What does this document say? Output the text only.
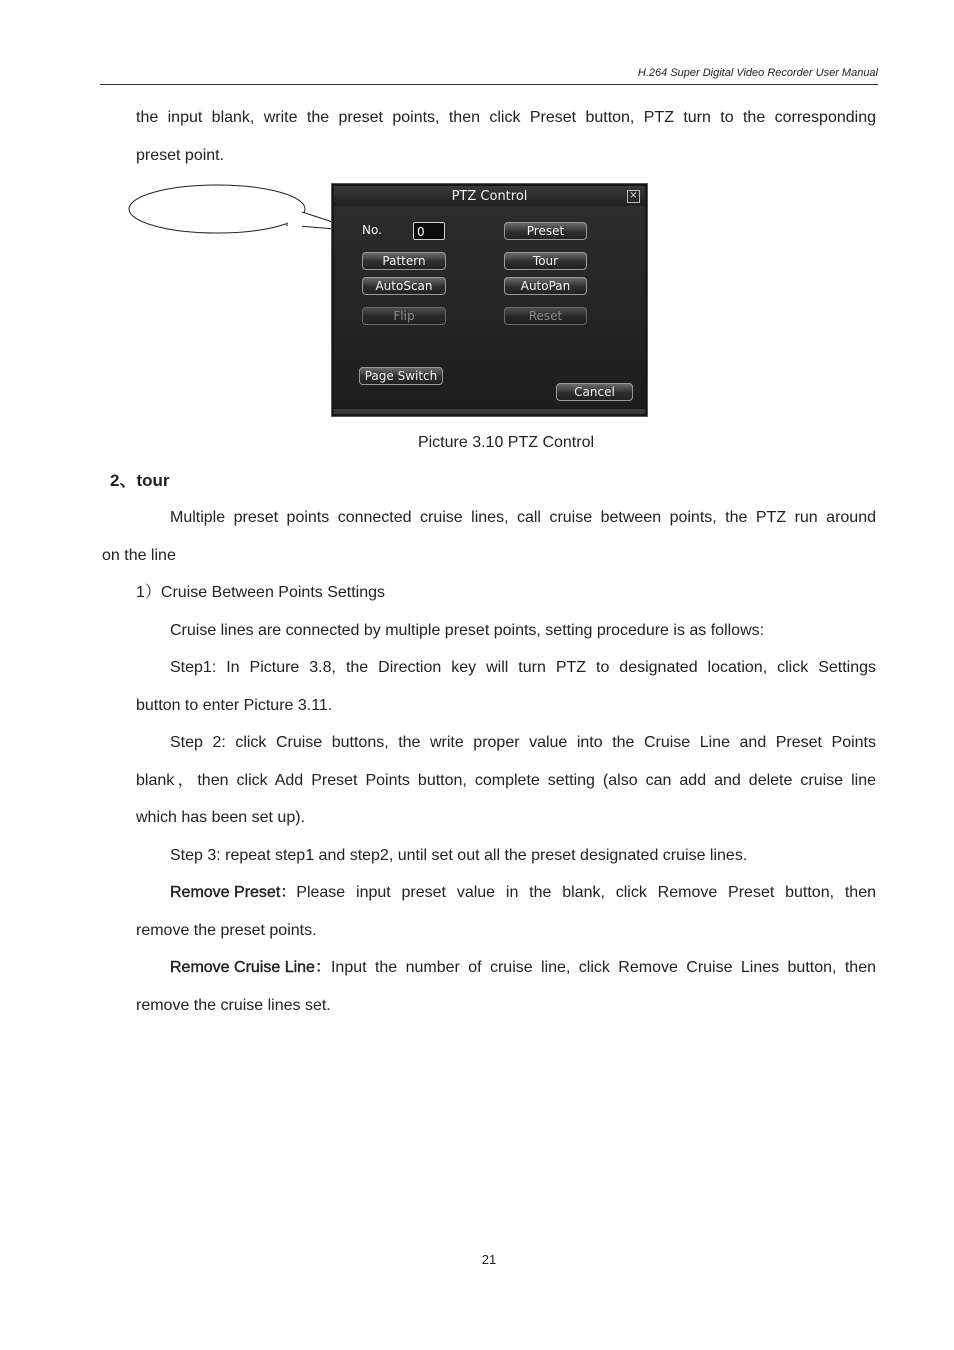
H.264 Super Digital Video Recorder User Manual

the input blank, write the preset points, then click Preset button, PTZ turn to the corresponding

preset point.

PTZ Control	×
No.	0	Preset
Pattern	Tour
AutoScan	AutoPan
Flip	Reset
Page Switch
Cancel
Picture 3.10 PTZ Control
2、tour

Multiple preset points connected cruise lines, call cruise between points, the PTZ run around

on the line

1）Cruise Between Points Settings

Cruise lines are connected by multiple preset points, setting procedure is as follows:

Step1: In Picture 3.8, the Direction key will turn PTZ to designated location, click Settings

button to enter Picture 3.11.

Step 2: click Cruise buttons, the write proper value into the Cruise Line and Preset Points

blank，then click Add Preset Points button, complete setting (also can add and delete cruise line

which has been set up).

Step 3: repeat step1 and step2, until set out all the preset designated cruise lines.

Remove Preset： Please input preset value in the blank, click Remove Preset button, then

remove the preset points.

Remove Cruise Line： Input the number of cruise line, click Remove Cruise Lines button, then

remove the cruise lines set.

21
